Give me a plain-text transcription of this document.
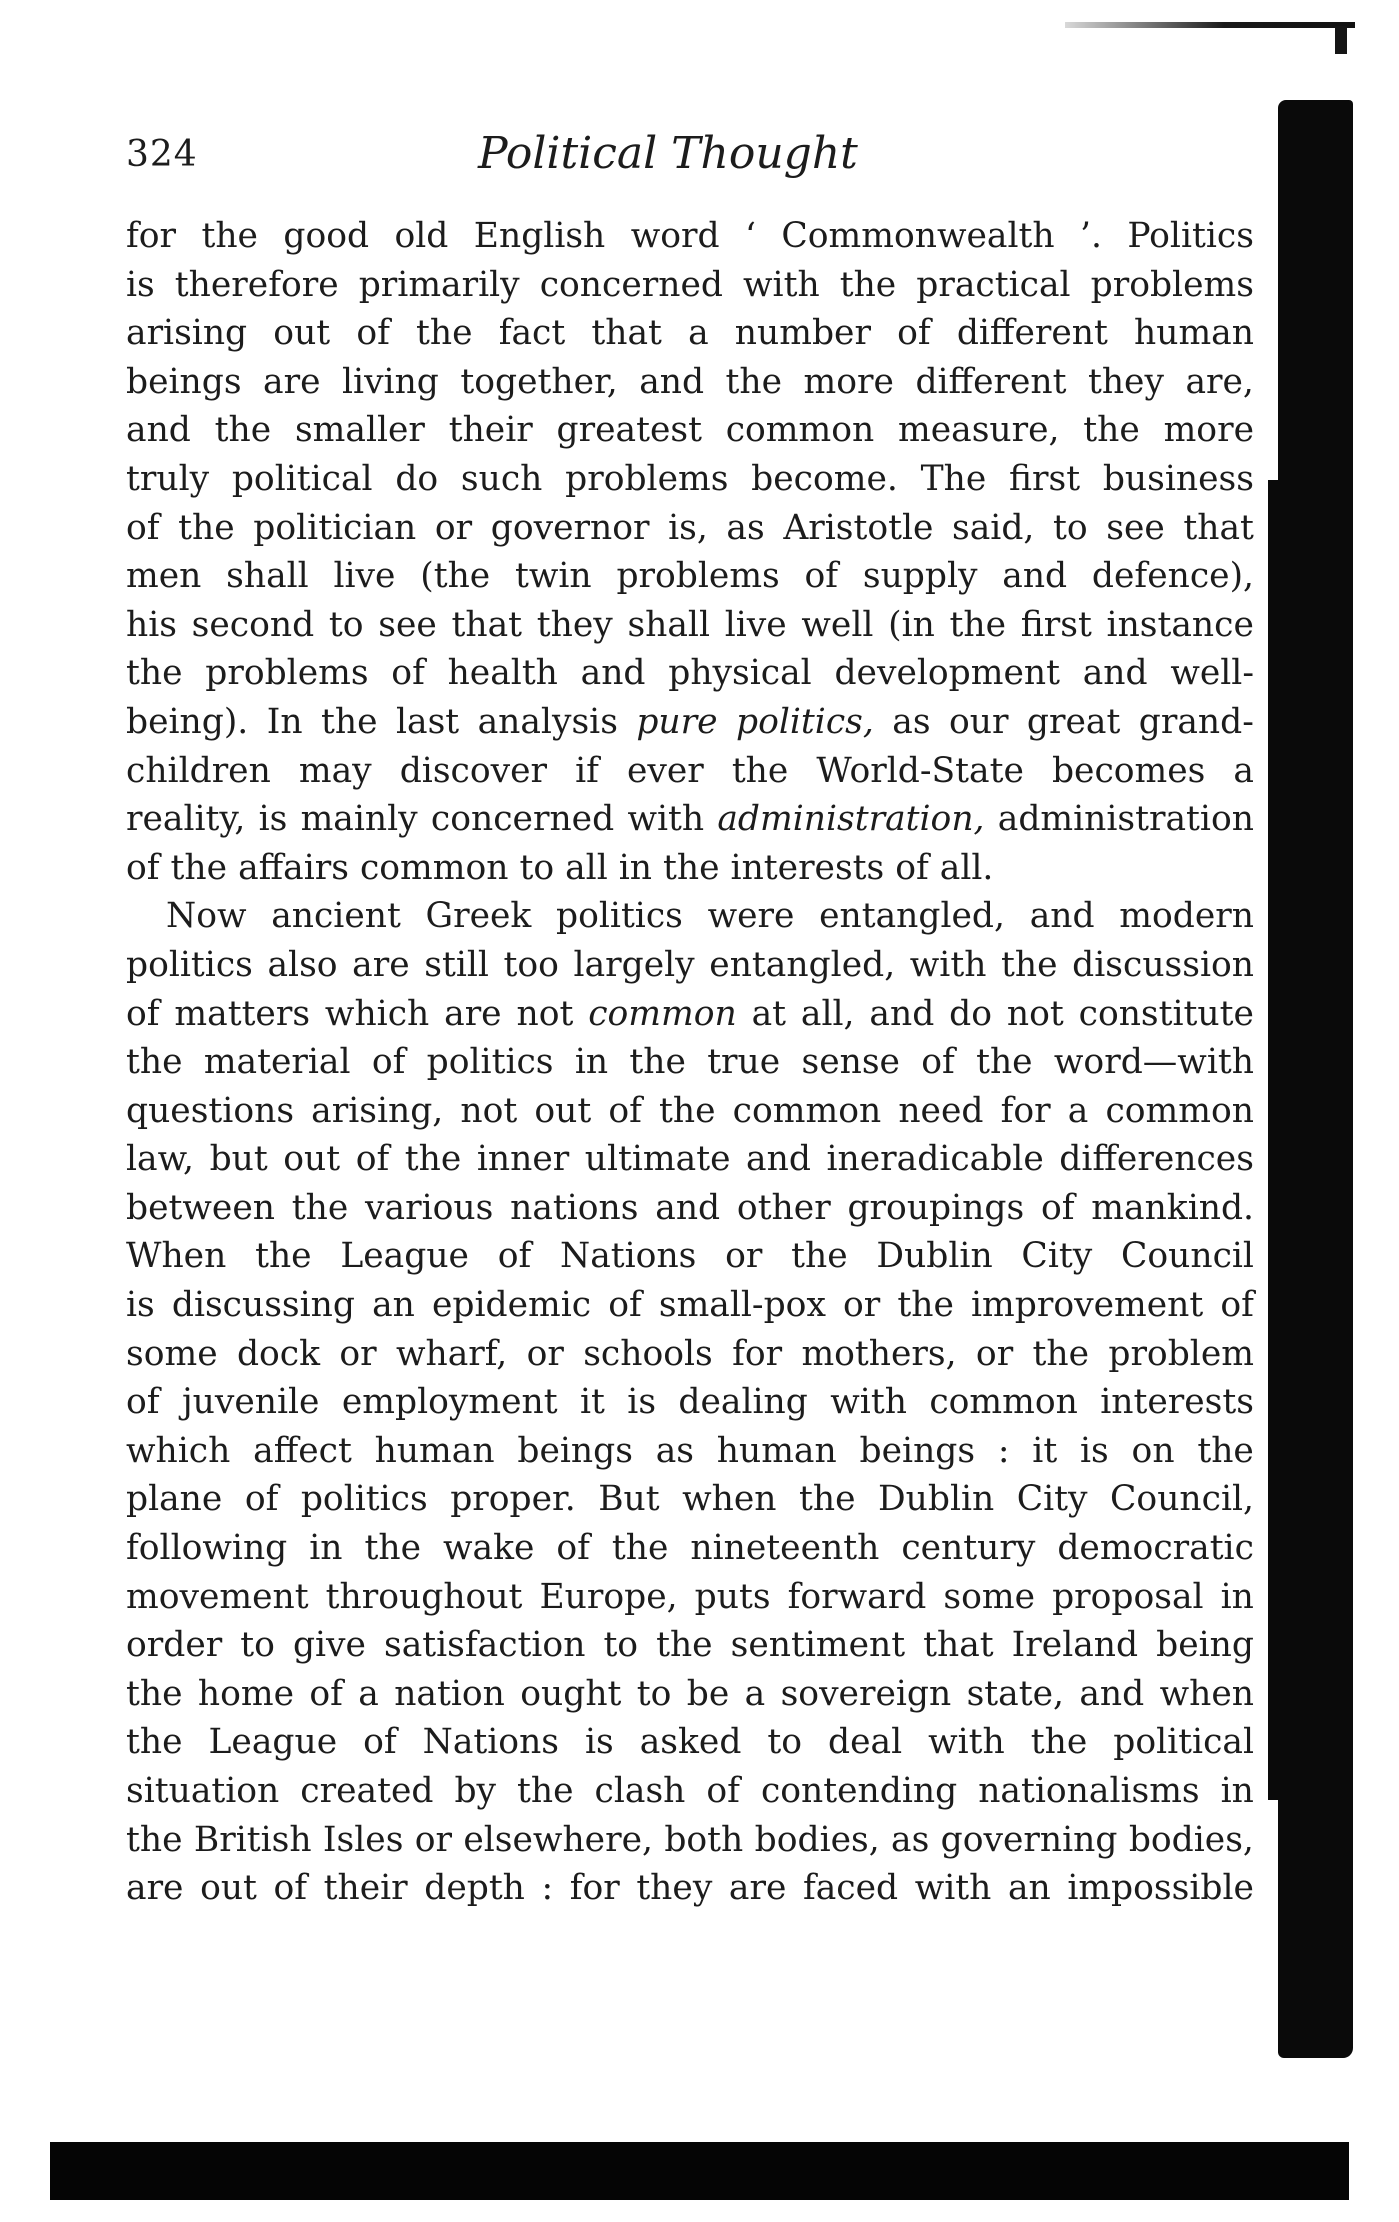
324	Political Thought
for the good old English word ‘ Commonwealth ’. Politics
is therefore primarily concerned with the practical problems
arising out of the fact that a number of different human
beings are living together, and the more different they are,
and the smaller their greatest common measure, the more
truly political do such problems become. The first business
of the politician or governor is, as Aristotle said, to see that
men shall live (the twin problems of supply and defence),
his second to see that they shall live well (in the first instance
the problems of health and physical development and well-
being). In the last analysis pure politics, as our great grand-
children may discover if ever the World-State becomes a
reality, is mainly concerned with administration, administration
of the affairs common to all in the interests of all.
Now ancient Greek politics were entangled, and modern
politics also are still too largely entangled, with the discussion
of matters which are not common at all, and do not constitute
the material of politics in the true sense of the word—with
questions arising, not out of the common need for a common
law, but out of the inner ultimate and ineradicable differences
between the various nations and other groupings of mankind.
When the League of Nations or the Dublin City Council
is discussing an epidemic of small-pox or the improvement of
some dock or wharf, or schools for mothers, or the problem
of juvenile employment it is dealing with common interests
which affect human beings as human beings : it is on the
plane of politics proper. But when the Dublin City Council,
following in the wake of the nineteenth century democratic
movement throughout Europe, puts forward some proposal in
order to give satisfaction to the sentiment that Ireland being
the home of a nation ought to be a sovereign state, and when
the League of Nations is asked to deal with the political
situation created by the clash of contending nationalisms in
the British Isles or elsewhere, both bodies, as governing bodies,
are out of their depth : for they are faced with an impossible
